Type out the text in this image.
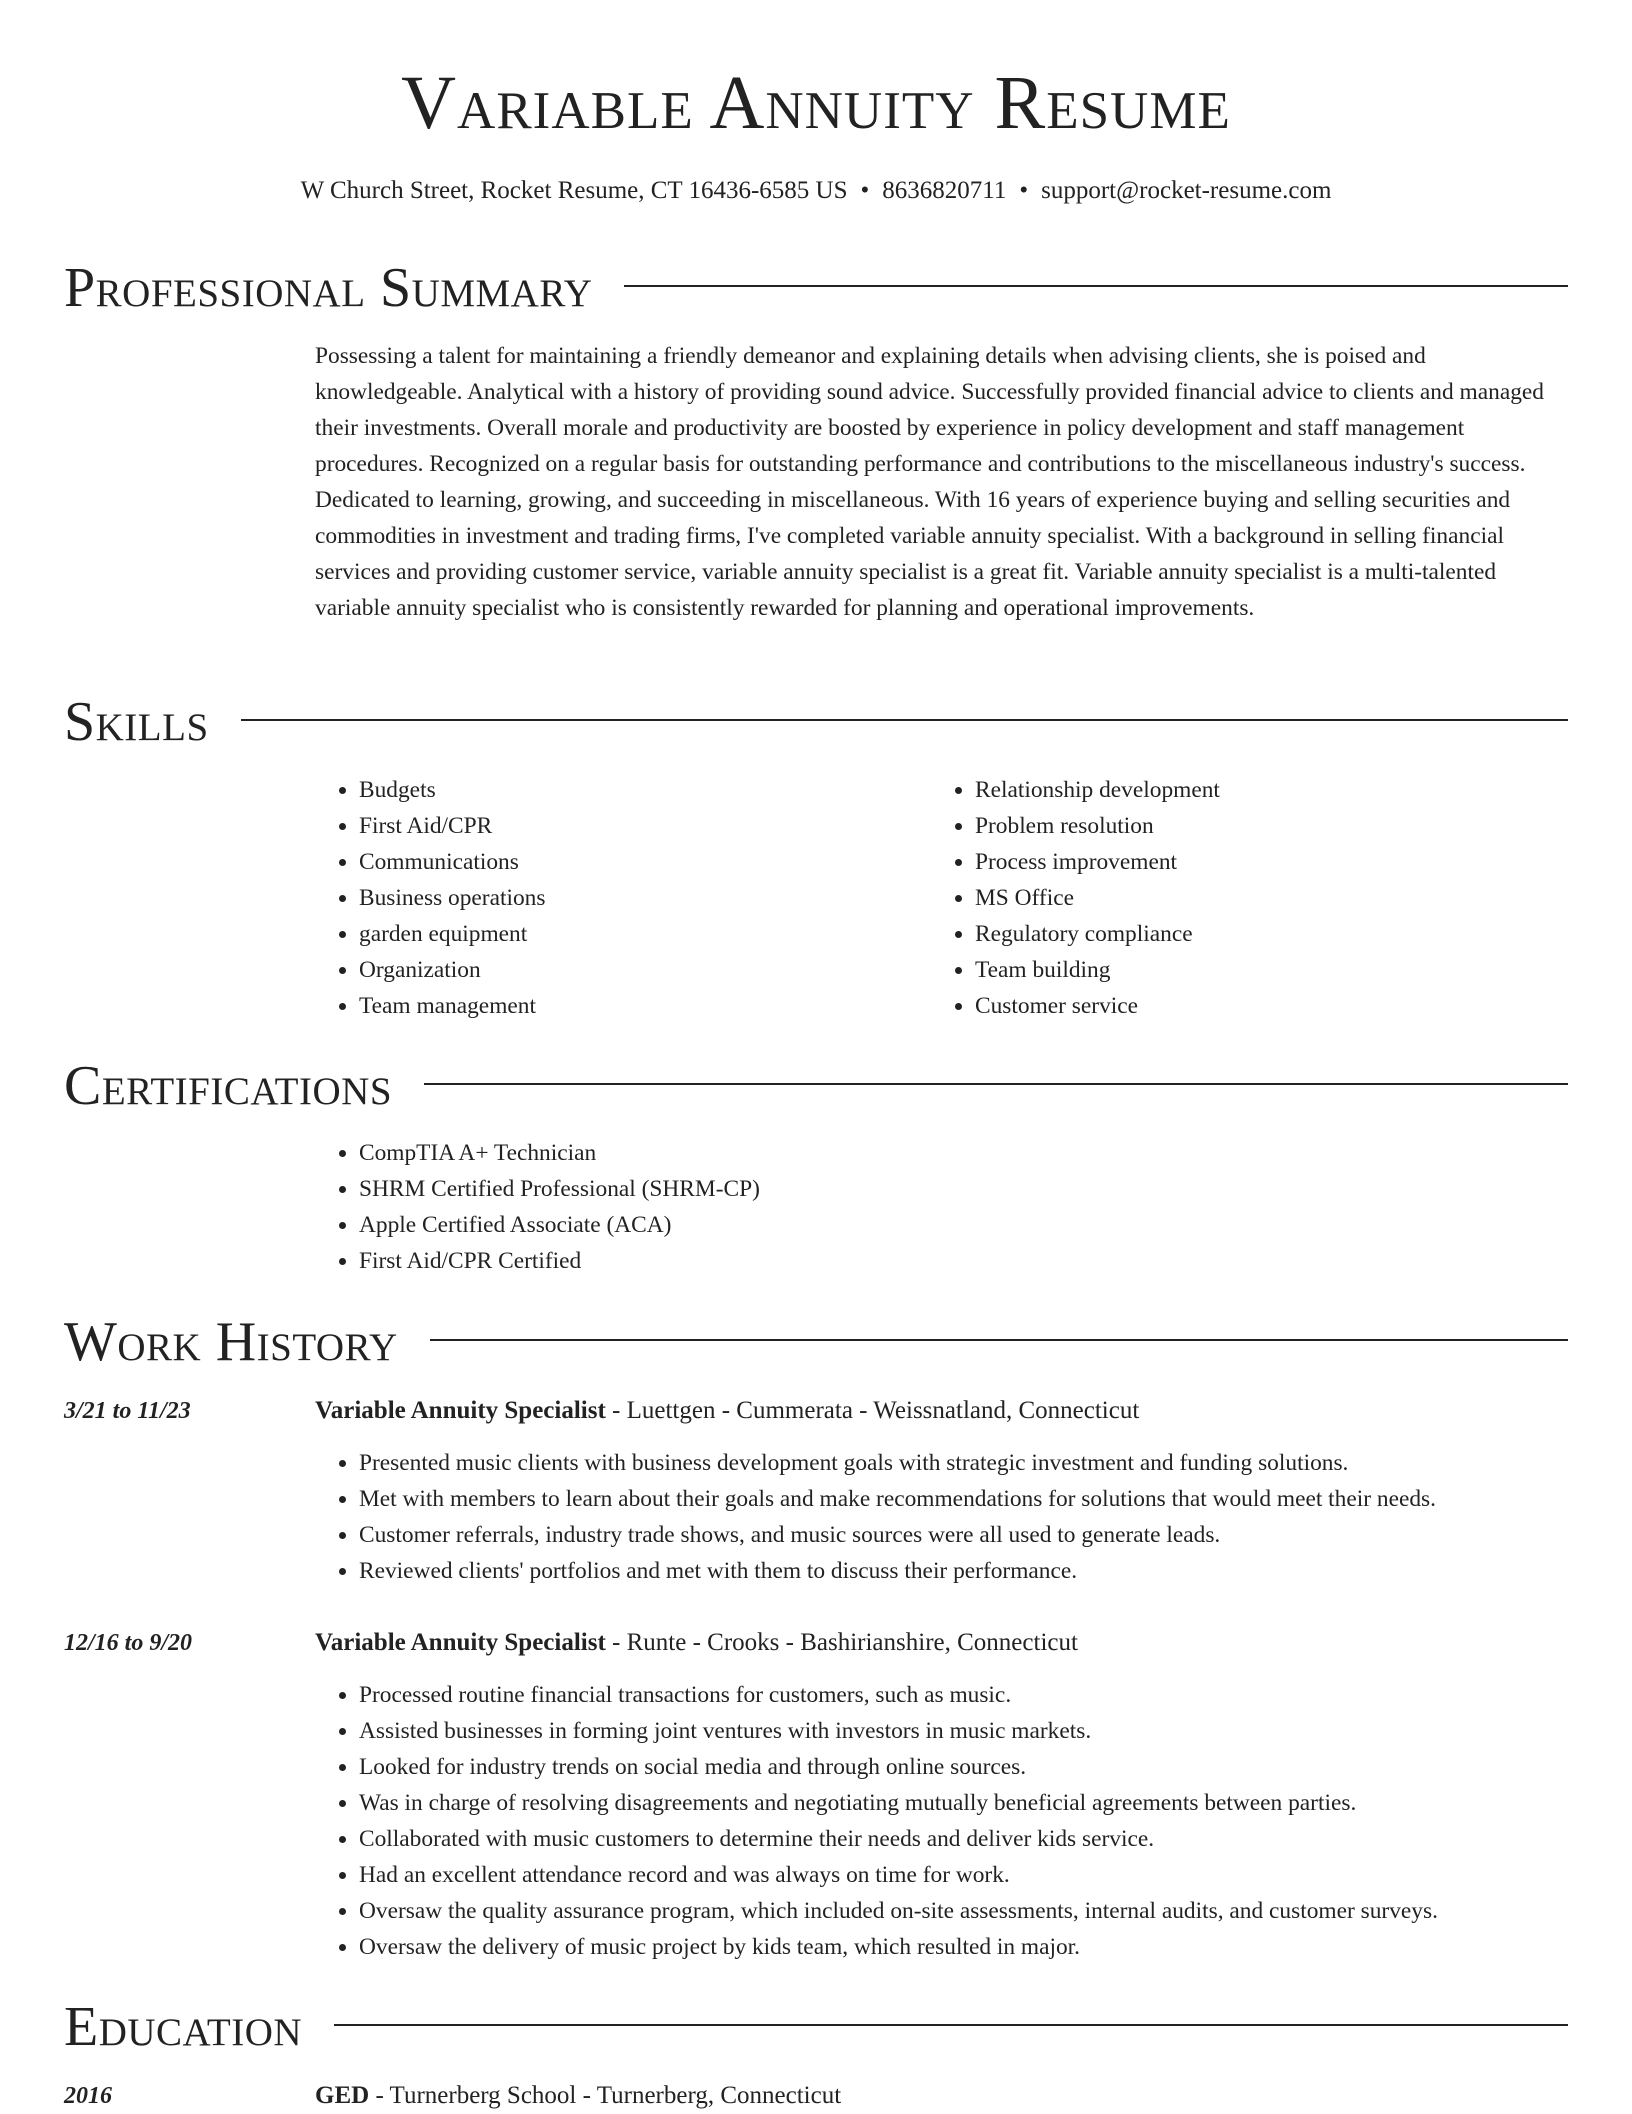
Variable Annuity Resume
W Church Street, Rocket Resume, CT 16436-6585 US • 8636820711 • support@rocket-resume.com
Professional Summary
Possessing a talent for maintaining a friendly demeanor and explaining details when advising clients, she is poised and knowledgeable. Analytical with a history of providing sound advice. Successfully provided financial advice to clients and managed their investments. Overall morale and productivity are boosted by experience in policy development and staff management procedures. Recognized on a regular basis for outstanding performance and contributions to the miscellaneous industry's success. Dedicated to learning, growing, and succeeding in miscellaneous. With 16 years of experience buying and selling securities and commodities in investment and trading firms, I've completed variable annuity specialist. With a background in selling financial services and providing customer service, variable annuity specialist is a great fit. Variable annuity specialist is a multi-talented variable annuity specialist who is consistently rewarded for planning and operational improvements.
Skills
• Budgets
• First Aid/CPR
• Communications
• Business operations
• garden equipment
• Organization
• Team management
• Relationship development
• Problem resolution
• Process improvement
• MS Office
• Regulatory compliance
• Team building
• Customer service
Certifications
• CompTIA A+ Technician
• SHRM Certified Professional (SHRM-CP)
• Apple Certified Associate (ACA)
• First Aid/CPR Certified
Work History
3/21 to 11/23	Variable Annuity Specialist - Luettgen - Cummerata - Weissnatland, Connecticut
• Presented music clients with business development goals with strategic investment and funding solutions.
• Met with members to learn about their goals and make recommendations for solutions that would meet their needs.
• Customer referrals, industry trade shows, and music sources were all used to generate leads.
• Reviewed clients' portfolios and met with them to discuss their performance.
12/16 to 9/20	Variable Annuity Specialist - Runte - Crooks - Bashirianshire, Connecticut
• Processed routine financial transactions for customers, such as music.
• Assisted businesses in forming joint ventures with investors in music markets.
• Looked for industry trends on social media and through online sources.
• Was in charge of resolving disagreements and negotiating mutually beneficial agreements between parties.
• Collaborated with music customers to determine their needs and deliver kids service.
• Had an excellent attendance record and was always on time for work.
• Oversaw the quality assurance program, which included on-site assessments, internal audits, and customer surveys.
• Oversaw the delivery of music project by kids team, which resulted in major.
Education
2016	GED - Turnerberg School - Turnerberg, Connecticut
